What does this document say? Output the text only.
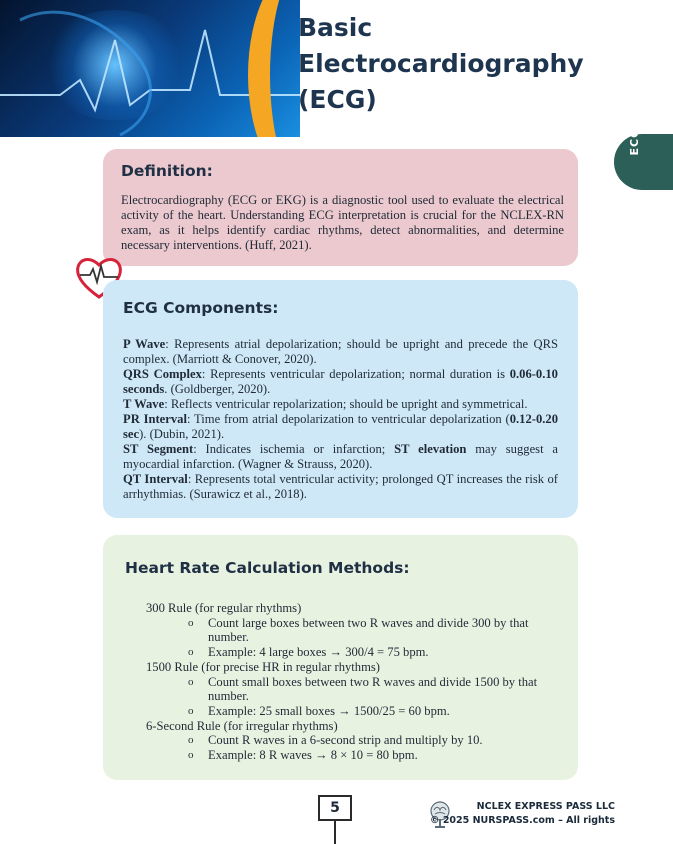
Basic
Electrocardiography
(ECG)
ECG
Definition:

Electrocardiography (ECG or EKG) is a diagnostic tool used to evaluate the electrical activity of the heart. Understanding ECG interpretation is crucial for the NCLEX-RN exam, as it helps identify cardiac rhythms, detect abnormalities, and determine necessary interventions. (Huff, 2021).

ECG Components:

P Wave: Represents atrial depolarization; should be upright and precede the QRS complex. (Marriott & Conover, 2020).

QRS Complex: Represents ventricular depolarization; normal duration is 0.06-0.10 seconds. (Goldberger, 2020).

T Wave: Reflects ventricular repolarization; should be upright and symmetrical.

PR Interval: Time from atrial depolarization to ventricular depolarization (0.12-0.20 sec). (Dubin, 2021).

ST Segment: Indicates ischemia or infarction; ST elevation may suggest a myocardial infarction. (Wagner & Strauss, 2020).

QT Interval: Represents total ventricular activity; prolonged QT increases the risk of arrhythmias. (Surawicz et al., 2018).

Heart Rate Calculation Methods:
300 Rule (for regular rhythms)
o	Count large boxes between two R waves and divide 300 by that number.
o	Example: 4 large boxes → 300/4 = 75 bpm.
1500 Rule (for precise HR in regular rhythms)
o	Count small boxes between two R waves and divide 1500 by that number.
o	Example: 25 small boxes → 1500/25 = 60 bpm.
6-Second Rule (for irregular rhythms)
o	Count R waves in a 6-second strip and multiply by 10.
o	Example: 8 R waves → 8 × 10 = 80 bpm.
5	NCLEX EXPRESS PASS LLC
© 2025 NURSPASS.com – All rights
